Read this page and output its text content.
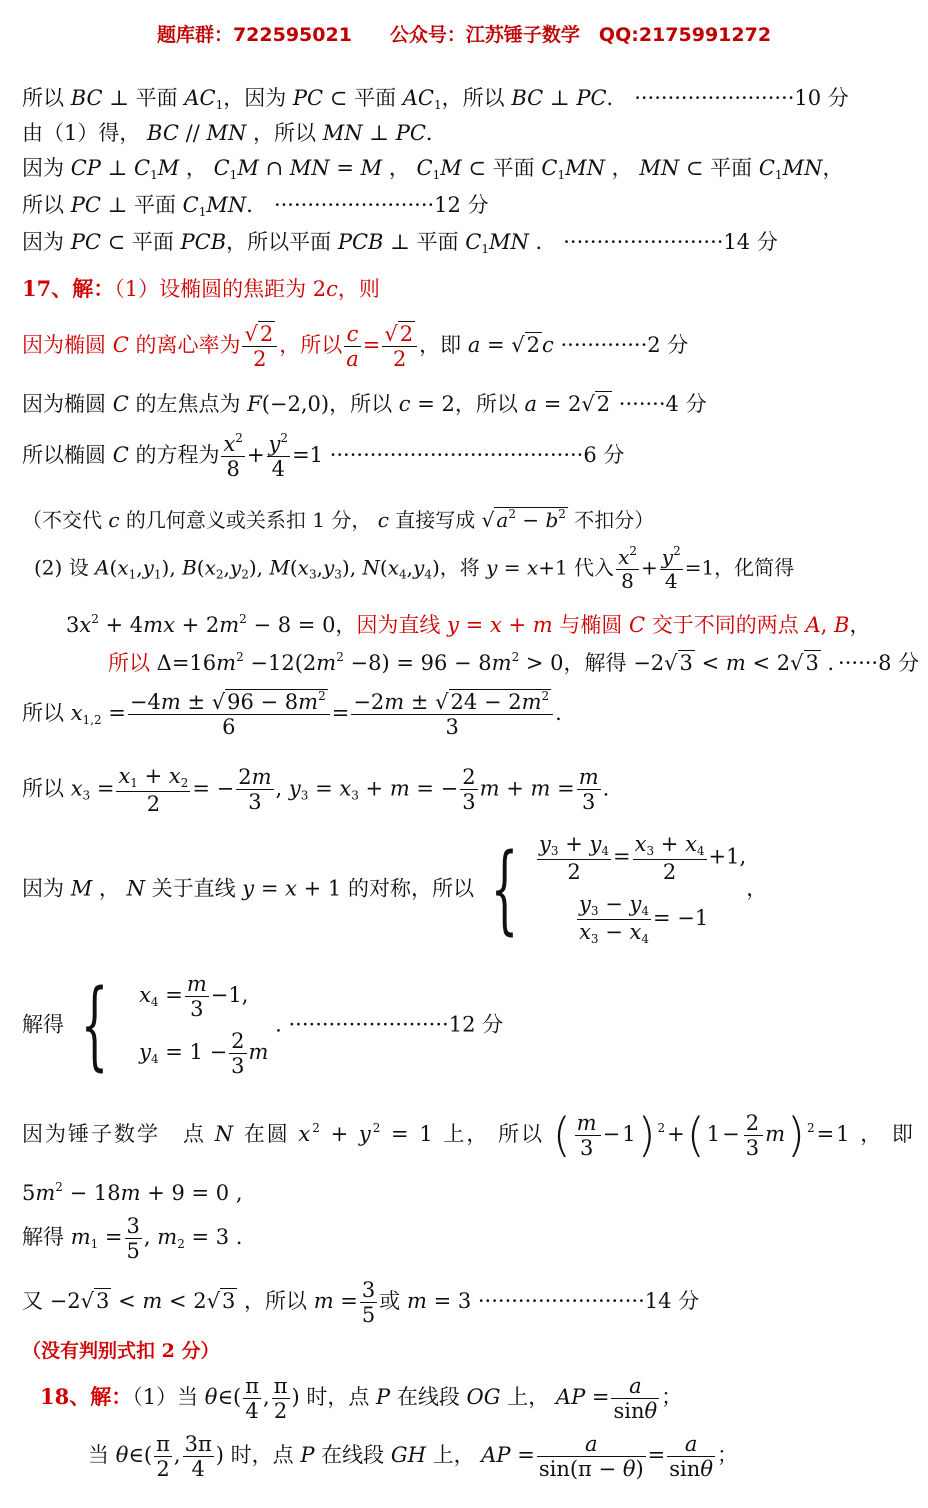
题库群：722595021　　公众号：江苏锤子数学　QQ:2175991272
所以 BC ⊥ 平面 $AC_1$，因为 PC ⊂ 平面 $AC_1$，所以 BC ⊥ PC． ························10 分
由（1）得， BC // MN ，所以 MN ⊥ PC．
因为 CP ⊥ $C_1M$ ， $C_1M$ ∩ MN = M ， $C_1M$ ⊂ 平面 $C_1MN$ ， MN ⊂ 平面 $C_1MN$，
所以 PC ⊥ 平面 $C_1MN$． ························12 分
因为 PC ⊂ 平面 PCB，所以平面 PCB ⊥ 平面 $C_1MN$ ． ························14 分
17、解：（1）设椭圆的焦距为 2c，则
因为椭圆 C 的离心率为 $\frac{√2}{2}$ ，所以 $\frac{c}{a} = \frac{√2}{2}$ ，即 a = √2c ·············2 分
因为椭圆 C 的左焦点为 F(−2,0)，所以 c = 2，所以 a = 2√2 ·······4 分
所以椭圆 C 的方程为 $\frac{x^2}{8} + \frac{y^2}{4} =1 \cdot\cdot\cdot\cdot\cdot\cdot\cdot\cdot\cdot\cdot\cdot\cdot\cdot\cdot\cdot\cdot\cdot\cdot\cdot\cdot\cdot\cdot\cdot\cdot\cdot\cdot\cdot\cdot\cdot\cdot\cdot\cdot\cdot\cdot\cdot\cdot\cdot\cdot 6$ 分
（不交代 c 的几何意义或关系扣 1 分， c 直接写成 √ $a^2 - b^2$ 不扣分）
(2) 设 $A(x_1,y_1)$, $B(x_2,y_2)$, $M(x_3,y_3)$, $N(x_4,y_4)$，将 y = x+1 代入 $\frac{x^2}{8} + \frac{y^2}{4} =1$，化简得
$3x^2 + 4mx + 2m^2 - 8 = 0$，因为直线 y = x + m 与椭圆 C 交于不同的两点 A, B，
所以 $\Delta=16m^2 -12(2m^2 -8) = 96 - 8m^2 > 0$，解得 −2√3 < m < 2√3 ．······8 分
所以 $x_{1,2} = \frac{-4m \pm √96 - 8m^2}{6} = \frac{-2m \pm √24 - 2m^2}{3}$ .
所以 $x_3 = \frac{x_1 + x_2}{2}$ = − $\frac{2m}{3}$ , $y_3 = x_3 + m$ = − $\frac{2}{3}$ $m + m = \frac{m}{3}$ .
因为 M ， N 关于直线 y = x + 1 的对称，所以 { $\frac{y_3 + y_4}{2} = \frac{x_3 + x_4}{2} +1$,
$\frac{y_3 - y_4}{x_3 - x_4} = -1$
，
解得 {	$x_4 = \frac{m}{3} -1$,
$y_4 = 1 - \frac{2}{3}$ m
. ························12 分
因为锤子数学　点 N 在圆 $x^2 + y^2 = 1$ 上， 所以 ( $\frac{m}{3} -1)^2+(1- \frac{2}{3} m)^2=1$ ， 即
$5m^2 - 18m + 9 = 0$ ,
解得 $m_1 = \frac{3}{5}$ , $m_2 = 3$ .
又 −2√3 < m < 2√3 ，所以 $m = \frac{3}{5}$ 或 m = 3 ·························14 分
（没有判别式扣 2 分）
18、解：（1）当 θ∈( $\frac{\pi}{4}$ , $\frac{\pi}{2}$ ) 时，点 P 在线段 OG 上， AP = $\frac{a}{\sin\theta}$ ；
当 θ∈( $\frac{\pi}{2}$ , $\frac{3\pi}{4}$ ) 时，点 P 在线段 GH 上， AP = $\frac{a}{\sin(\pi - \theta)} = \frac{a}{\sin\theta}$ ；
